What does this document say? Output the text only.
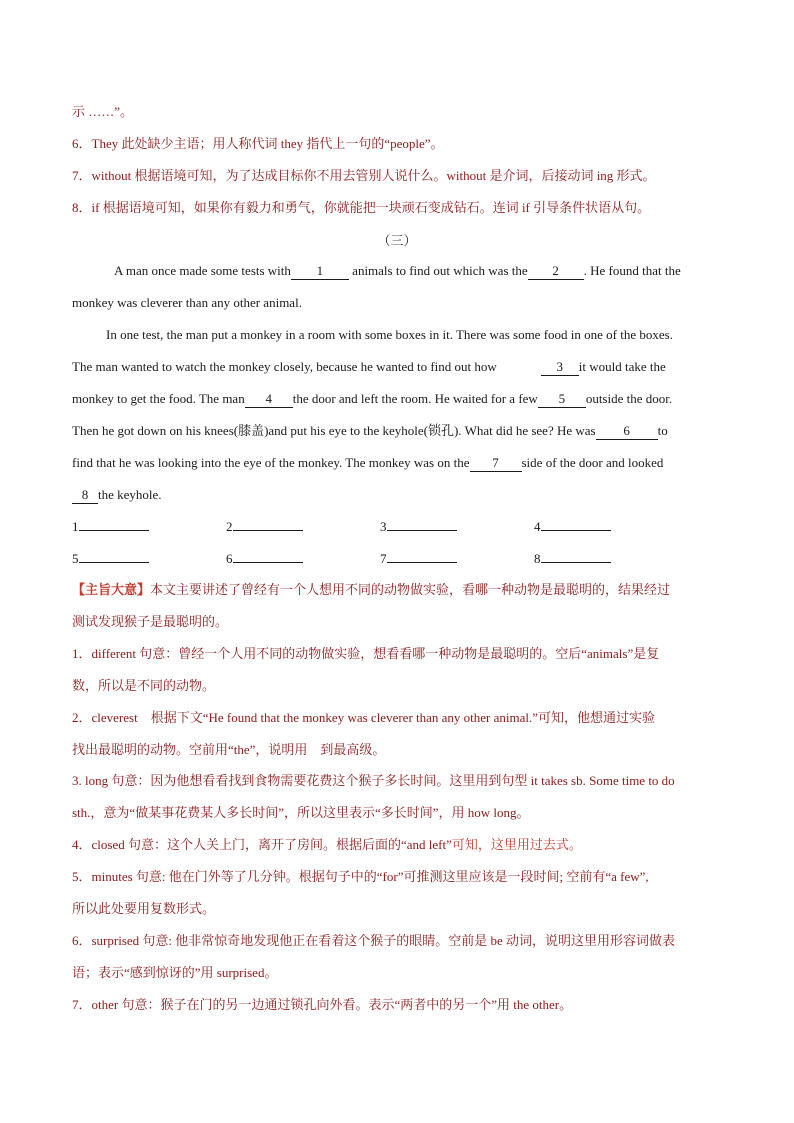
示 ……”。
6．They 此处缺少主语；用人称代词 they 指代上一句的“people”。
7．without 根据语境可知，为了达成目标你不用去管别人说什么。without 是介词，后接动词 ing 形式。
8．if 根据语境可知，如果你有毅力和勇气，你就能把一块顽石变成钻石。连词 if 引导条件状语从句。
（三）
A man once made some tests with 1 animals to find out which was the 2 . He found that the
monkey was cleverer than any other animal.
In one test, the man put a monkey in a room with some boxes in it. There was some food in one of the boxes.
The man wanted to watch the monkey closely, because he wanted to find out how	3 it would take the
monkey to get the food. The man 4 the door and left the room. He waited for a few 5 outside the door.
Then he got down on his knees(膝盖)and put his eye to the keyhole(锁孔). What did he see? He was 6 to
find that he was looking into the eye of the monkey. The monkey was on the 7 side of the door and looked
8 the keyhole.
1	2	3	4
5	6	7	8
【主旨大意】本文主要讲述了曾经有一个人想用不同的动物做实验，看哪一种动物是最聪明的，结果经过
测试发现猴子是最聪明的。
1．different 句意：曾经一个人用不同的动物做实验，想看看哪一种动物是最聪明的。空后“animals”是复
数，所以是不同的动物。
2．cleverest　根据下文“He found that the monkey was cleverer than any other animal.”可知，他想通过实验
找出最聪明的动物。空前用“the”，说明用　到最高级。
3. long 句意：因为他想看看找到食物需要花费这个猴子多长时间。这里用到句型 it takes sb. Some time to do
sth.，意为“做某事花费某人多长时间”，所以这里表示“多长时间”，用 how long。
4．closed 句意：这个人关上门，离开了房间。根据后面的“and left”可知，这里用过去式。
5．minutes 句意: 他在门外等了几分钟。根据句子中的“for”可推测这里应该是一段时间; 空前有“a few”,
所以此处要用复数形式。
6．surprised 句意: 他非常惊奇地发现他正在看着这个猴子的眼睛。空前是 be 动词，说明这里用形容词做表
语；表示“感到惊讶的”用 surprised。
7．other 句意：猴子在门的另一边通过锁孔向外看。表示“两者中的另一个”用 the other。
